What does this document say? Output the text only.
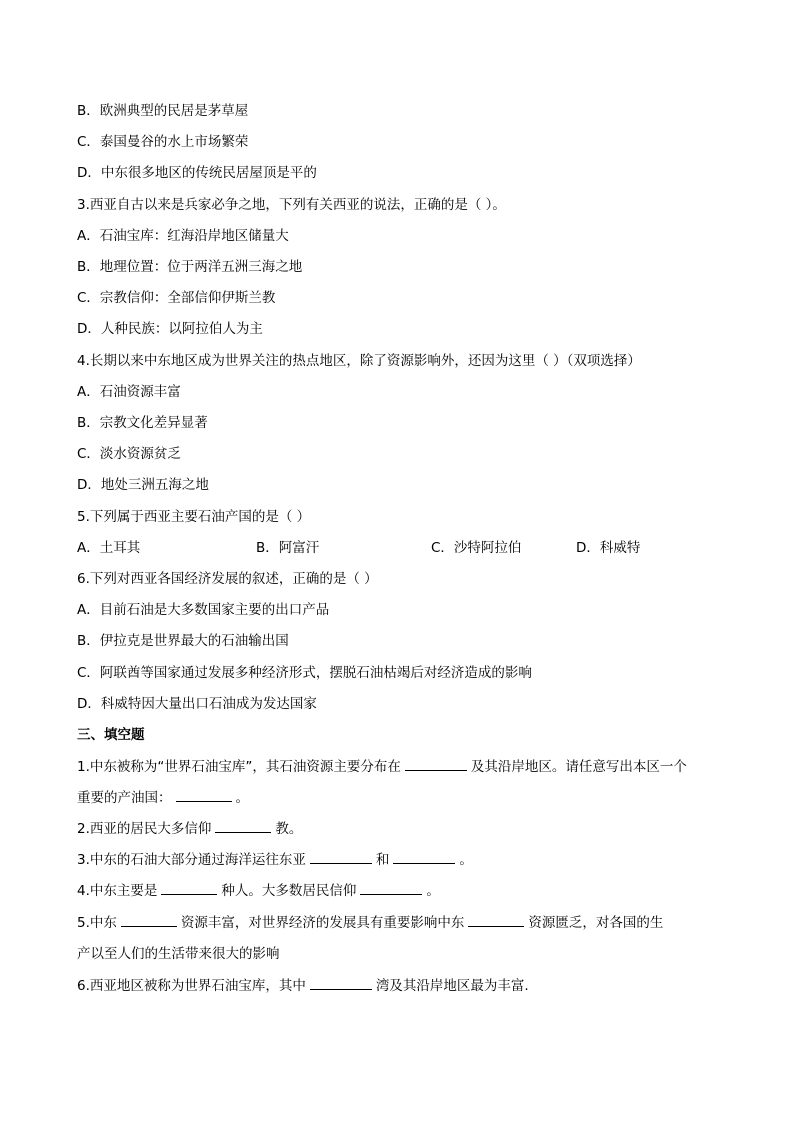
B．欧洲典型的民居是茅草屋
C．泰国曼谷的水上市场繁荣
D．中东很多地区的传统民居屋顶是平的
3.西亚自古以来是兵家必争之地，下列有关西亚的说法，正确的是（ ）。
A．石油宝库：红海沿岸地区储量大
B．地理位置：位于两洋五洲三海之地
C．宗教信仰：全部信仰伊斯兰教
D．人种民族：以阿拉伯人为主
4.长期以来中东地区成为世界关注的热点地区，除了资源影响外，还因为这里（ ）（双项选择）
A．石油资源丰富
B．宗教文化差异显著
C．淡水资源贫乏
D．地处三洲五海之地
5.下列属于西亚主要石油产国的是（ ）
A．土耳其	B．阿富汗	C．沙特阿拉伯	D．科威特
6.下列对西亚各国经济发展的叙述，正确的是（ ）
A．目前石油是大多数国家主要的出口产品
B．伊拉克是世界最大的石油输出国
C．阿联酋等国家通过发展多种经济形式，摆脱石油枯竭后对经济造成的影响
D．科威特因大量出口石油成为发达国家
三、填空题
1.中东被称为“世界石油宝库”，其石油资源主要分布在	及其沿岸地区。请任意写出本区一个
重要的产油国：	。
2.西亚的居民大多信仰	教。
3.中东的石油大部分通过海洋运往东亚	和	。
4.中东主要是	种人。大多数居民信仰	。
5.中东	资源丰富，对世界经济的发展具有重要影响中东	资源匮乏，对各国的生
产以至人们的生活带来很大的影响
6.西亚地区被称为世界石油宝库，其中	湾及其沿岸地区最为丰富.
